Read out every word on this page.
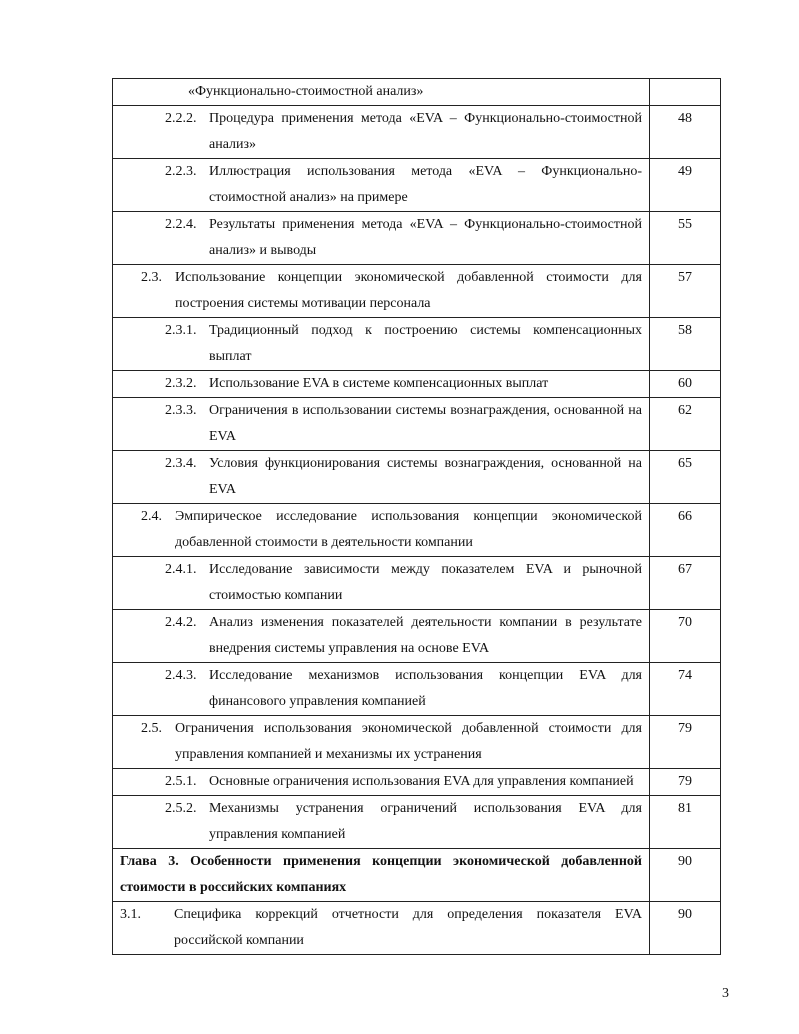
«Функционально-стоимостной анализ»	

2.2.2. Процедура применения метода «EVA – Функционально-стоимостной анализ»	48

2.2.3. Иллюстрация использования метода «EVA – Функционально-стоимостной анализ» на примере	49

2.2.4. Результаты применения метода «EVA – Функционально-стоимостной анализ» и выводы	55

2.3. Использование концепции экономической добавленной стоимости для построения системы мотивации персонала	57

2.3.1. Традиционный подход к построению системы компенсационных выплат	58

2.3.2. Использование EVA в системе компенсационных выплат	60

2.3.3. Ограничения в использовании системы вознаграждения, основанной на EVA	62

2.3.4. Условия функционирования системы вознаграждения, основанной на EVA	65

2.4. Эмпирическое исследование использования концепции экономической добавленной стоимости в деятельности компании	66

2.4.1. Исследование зависимости между показателем EVA и рыночной стоимостью компании	67

2.4.2. Анализ изменения показателей деятельности компании в результате внедрения системы управления на основе EVA	70

2.4.3. Исследование механизмов использования концепции EVA для финансового управления компанией	74

2.5. Ограничения использования экономической добавленной стоимости для управления компанией и механизмы их устранения	79

2.5.1. Основные ограничения использования EVA для управления компанией	79

2.5.2. Механизмы устранения ограничений использования EVA для управления компанией	81

Глава 3. Особенности применения концепции экономической добавленной стоимости в российских компаниях	90

3.1. Специфика коррекций отчетности для определения показателя EVA российской компании	90
3
